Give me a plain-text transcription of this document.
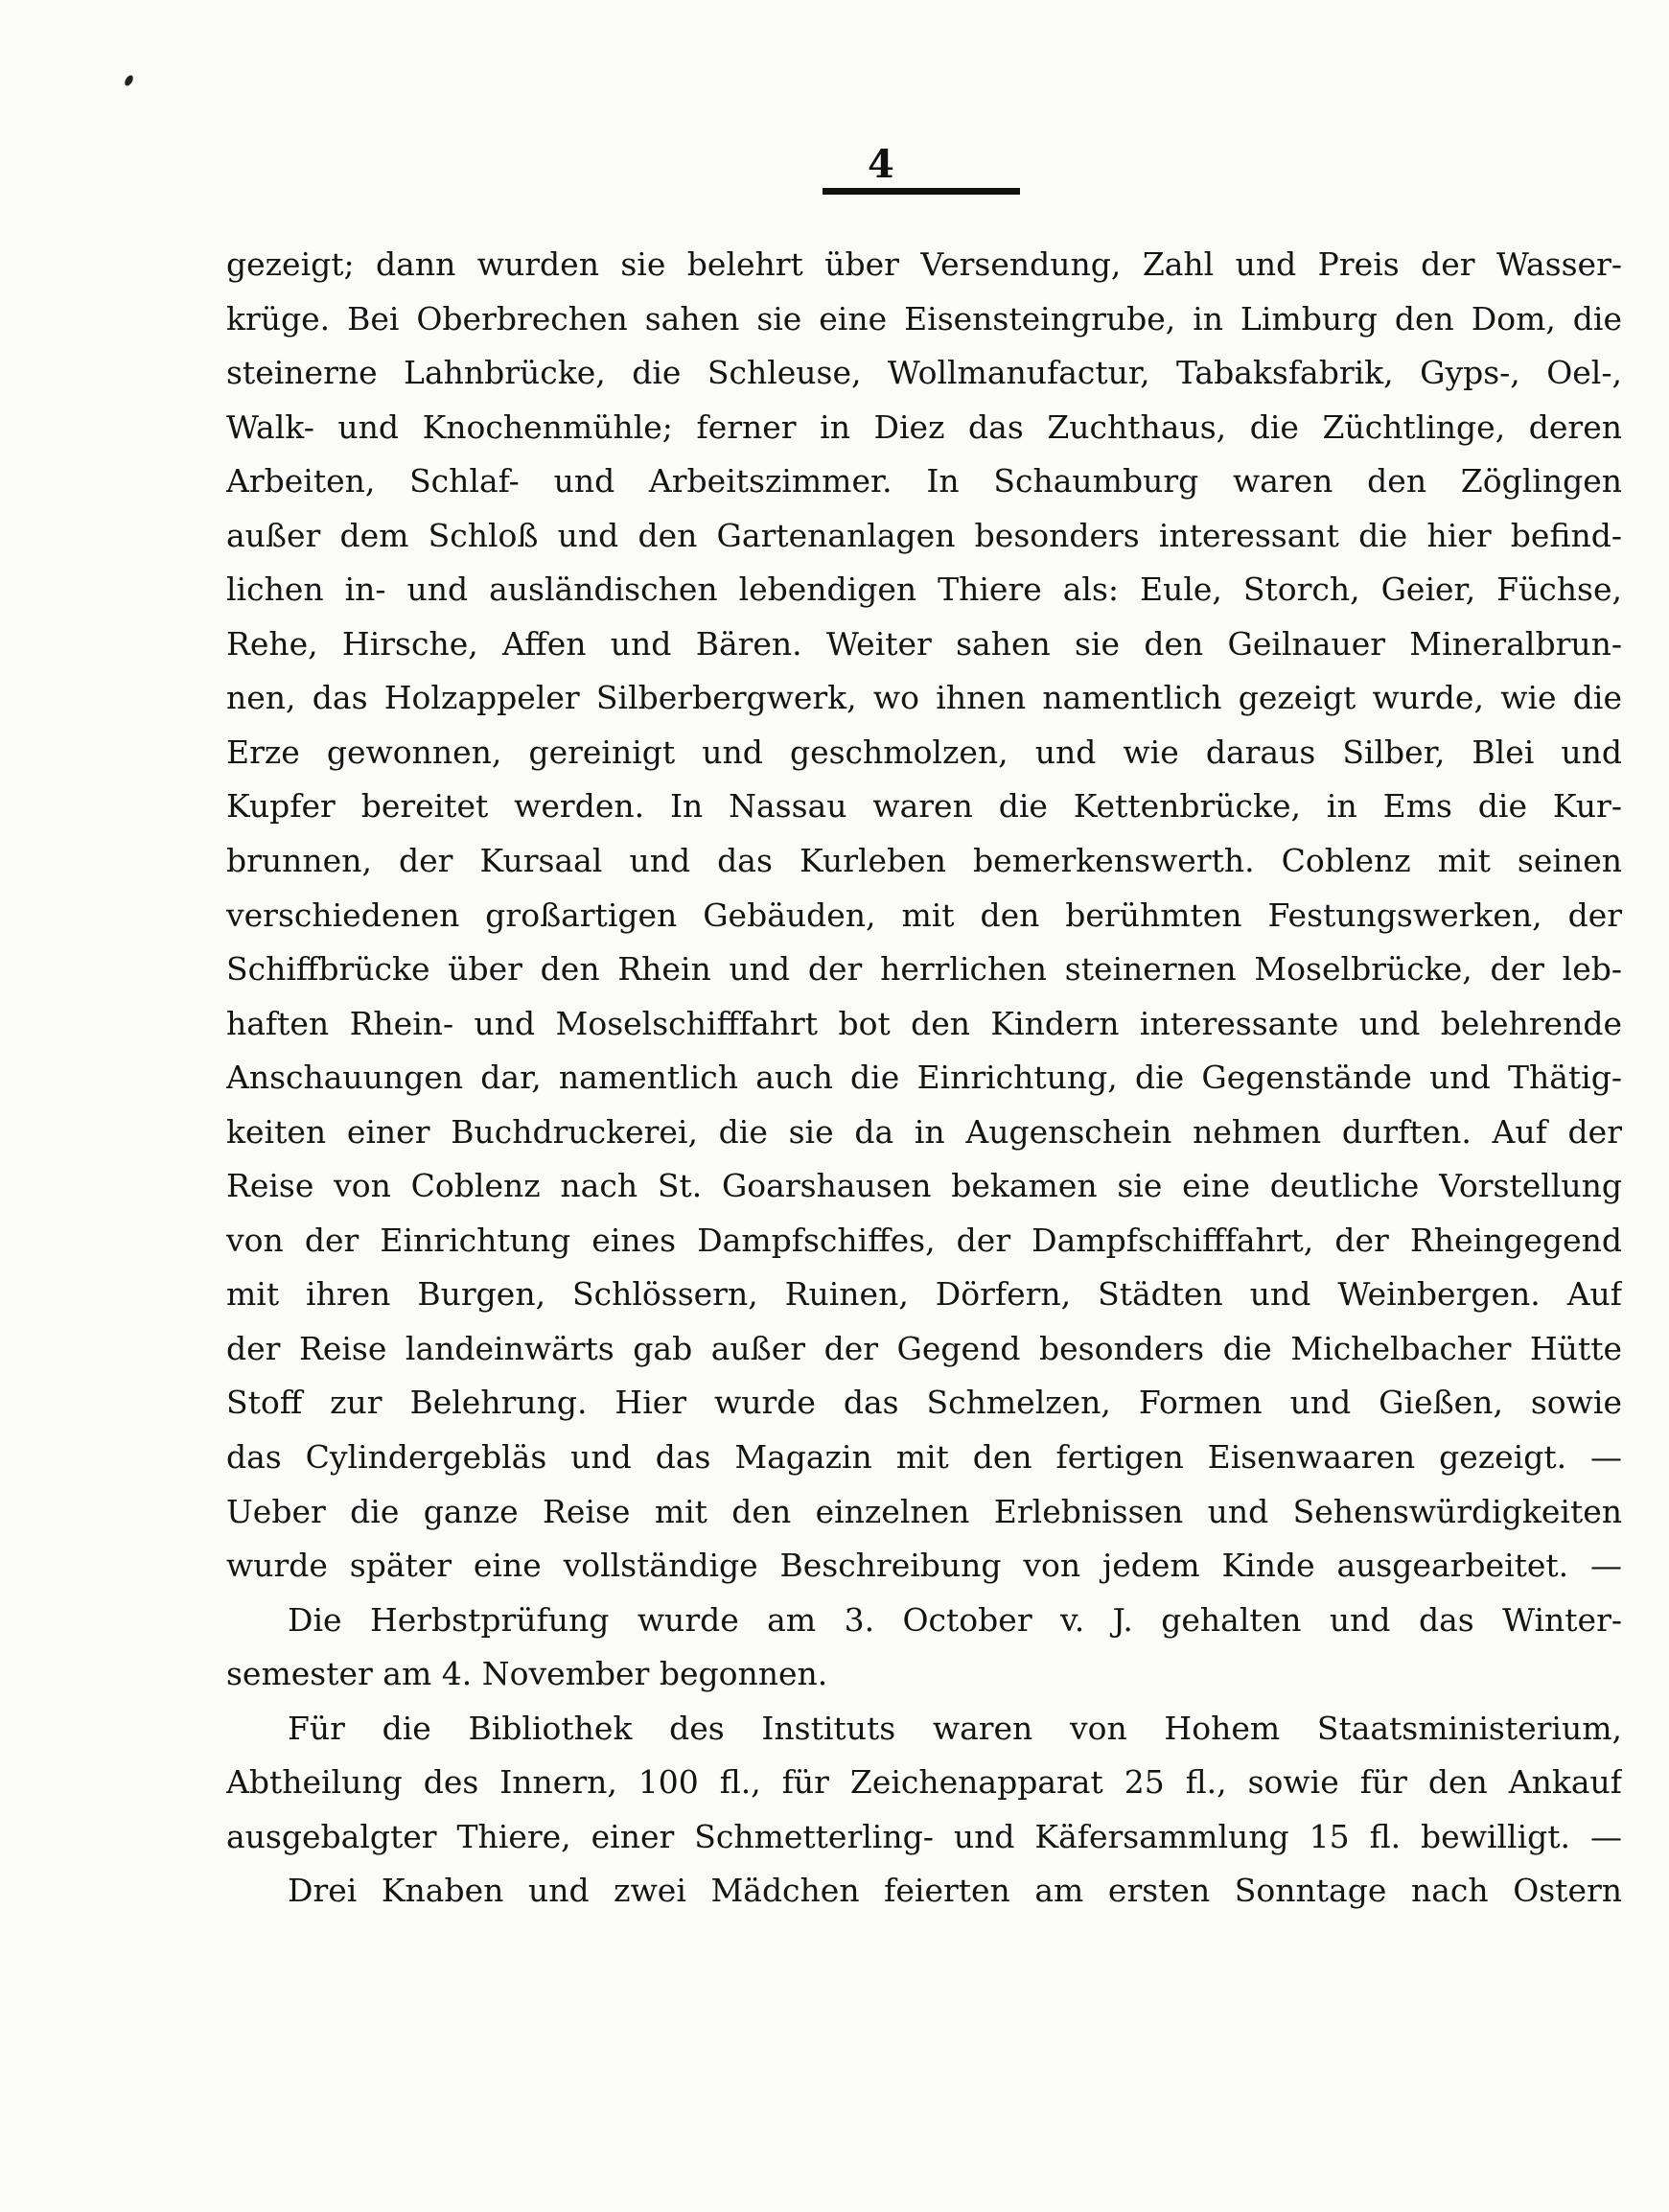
4
gezeigt; dann wurden sie belehrt über Versendung, Zahl und Preis der Wasser-
krüge. Bei Oberbrechen sahen sie eine Eisensteingrube, in Limburg den Dom, die
steinerne Lahnbrücke, die Schleuse, Wollmanufactur, Tabaksfabrik, Gyps-, Oel-,
Walk- und Knochenmühle; ferner in Diez das Zuchthaus, die Züchtlinge, deren
Arbeiten, Schlaf- und Arbeitszimmer. In Schaumburg waren den Zöglingen
außer dem Schloß und den Gartenanlagen besonders interessant die hier befind-
lichen in- und ausländischen lebendigen Thiere als: Eule, Storch, Geier, Füchse,
Rehe, Hirsche, Affen und Bären. Weiter sahen sie den Geilnauer Mineralbrun-
nen, das Holzappeler Silberbergwerk, wo ihnen namentlich gezeigt wurde, wie die
Erze gewonnen, gereinigt und geschmolzen, und wie daraus Silber, Blei und
Kupfer bereitet werden. In Nassau waren die Kettenbrücke, in Ems die Kur-
brunnen, der Kursaal und das Kurleben bemerkenswerth. Coblenz mit seinen
verschiedenen großartigen Gebäuden, mit den berühmten Festungswerken, der
Schiffbrücke über den Rhein und der herrlichen steinernen Moselbrücke, der leb-
haften Rhein- und Moselschifffahrt bot den Kindern interessante und belehrende
Anschauungen dar, namentlich auch die Einrichtung, die Gegenstände und Thätig-
keiten einer Buchdruckerei, die sie da in Augenschein nehmen durften. Auf der
Reise von Coblenz nach St. Goarshausen bekamen sie eine deutliche Vorstellung
von der Einrichtung eines Dampfschiffes, der Dampfschifffahrt, der Rheingegend
mit ihren Burgen, Schlössern, Ruinen, Dörfern, Städten und Weinbergen. Auf
der Reise landeinwärts gab außer der Gegend besonders die Michelbacher Hütte
Stoff zur Belehrung. Hier wurde das Schmelzen, Formen und Gießen, sowie
das Cylindergebläs und das Magazin mit den fertigen Eisenwaaren gezeigt. —
Ueber die ganze Reise mit den einzelnen Erlebnissen und Sehenswürdigkeiten
wurde später eine vollständige Beschreibung von jedem Kinde ausgearbeitet. —
Die Herbstprüfung wurde am 3. October v. J. gehalten und das Winter-
semester am 4. November begonnen.
Für die Bibliothek des Instituts waren von Hohem Staatsministerium,
Abtheilung des Innern, 100 fl., für Zeichenapparat 25 fl., sowie für den Ankauf
ausgebalgter Thiere, einer Schmetterling- und Käfersammlung 15 fl. bewilligt. —
Drei Knaben und zwei Mädchen feierten am ersten Sonntage nach Ostern
